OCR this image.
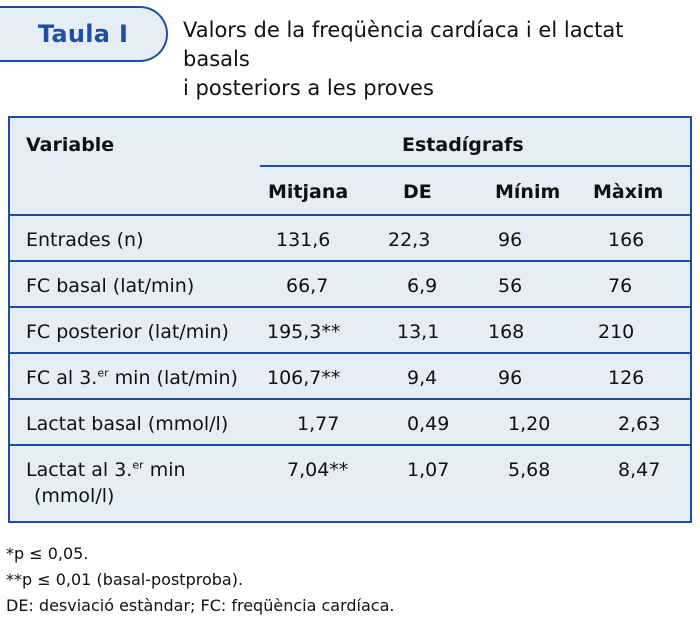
Taula I	Valors de la freqüència cardíaca i el lactat basals
i posteriors a les proves
Variable	Estadígrafs
Mitjana	DE	Mínim Màxim
Entrades (n)	131,6	22,3	96	166
FC basal (lat/min)	66,7	6,9	56	76
FC posterior (lat/min) 195,3**	13,1	168	210
FC al 3.$^{er}$ min (lat/min) 106,7**	9,4	96	126
Lactat basal (mmol/l)	1,77	0,49	1,20	2,63
Lactat al 3.$^{er}$ min
(mmol/l)
7,04**	1,07	5,68	8,47
*p ≤ 0,05.
**p ≤ 0,01 (basal-postproba).
DE: desviació estàndar; FC: freqüència cardíaca.
